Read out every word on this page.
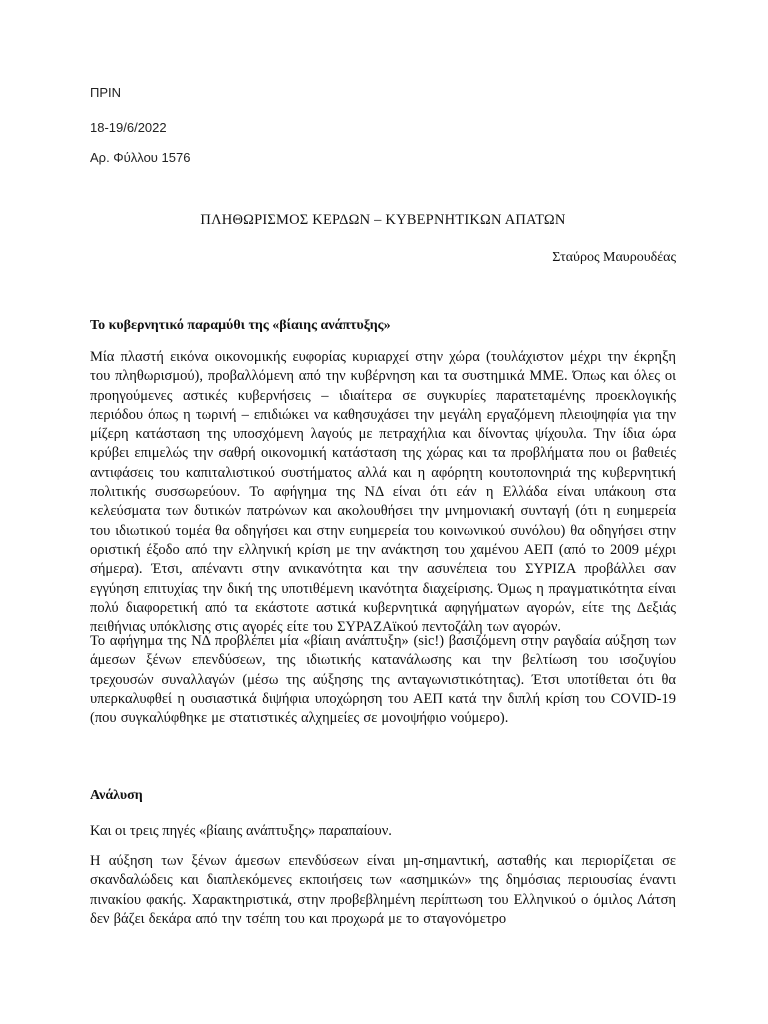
ΠΡΙΝ
18-19/6/2022
Αρ. Φύλλου 1576
ΠΛΗΘΩΡΙΣΜΟΣ ΚΕΡΔΩΝ – ΚΥΒΕΡΝΗΤΙΚΩΝ ΑΠΑΤΩΝ
Σταύρος Μαυρουδέας
Το κυβερνητικό παραμύθι της «βίαιης ανάπτυξης»

Μία πλαστή εικόνα οικονομικής ευφορίας κυριαρχεί στην χώρα (τουλάχιστον μέχρι την έκρηξη του πληθωρισμού), προβαλλόμενη από την κυβέρνηση και τα συστημικά ΜΜΕ. Όπως και όλες οι προηγούμενες αστικές κυβερνήσεις – ιδιαίτερα σε συγκυρίες παρατεταμένης προεκλογικής περιόδου όπως η τωρινή – επιδιώκει να καθησυχάσει την μεγάλη εργαζόμενη πλειοψηφία για την μίζερη κατάσταση της υποσχόμενη λαγούς με πετραχήλια και δίνοντας ψίχουλα. Την ίδια ώρα κρύβει επιμελώς την σαθρή οικονομική κατάσταση της χώρας και τα προβλήματα που οι βαθειές αντιφάσεις του καπιταλιστικού συστήματος αλλά και η αφόρητη κουτοπονηριά της κυβερνητική πολιτικής συσσωρεύουν. Το αφήγημα της ΝΔ είναι ότι εάν η Ελλάδα είναι υπάκουη στα κελεύσματα των δυτικών πατρώνων και ακολουθήσει την μνημονιακή συνταγή (ότι η ευημερεία του ιδιωτικού τομέα θα οδηγήσει και στην ευημερεία του κοινωνικού συνόλου) θα οδηγήσει στην οριστική έξοδο από την ελληνική κρίση με την ανάκτηση του χαμένου ΑΕΠ (από το 2009 μέχρι σήμερα). Έτσι, απέναντι στην ανικανότητα και την ασυνέπεια του ΣΥΡΙΖΑ προβάλλει σαν εγγύηση επιτυχίας την δική της υποτιθέμενη ικανότητα διαχείρισης. Όμως η πραγματικότητα είναι πολύ διαφορετική από τα εκάστοτε αστικά κυβερνητικά αφηγήματων αγορών, είτε της Δεξιάς πειθήνιας υπόκλισης στις αγορές είτε του ΣΥΡΑΖΑϊκού πεντοζάλη των αγορών.

Το αφήγημα της ΝΔ προβλέπει μία «βίαιη ανάπτυξη» (sic!) βασιζόμενη στην ραγδαία αύξηση των άμεσων ξένων επενδύσεων, της ιδιωτικής κατανάλωσης και την βελτίωση του ισοζυγίου τρεχουσών συναλλαγών (μέσω της αύξησης της ανταγωνιστικότητας). Έτσι υποτίθεται ότι θα υπερκαλυφθεί η ουσιαστικά διψήφια υποχώρηση του ΑΕΠ κατά την διπλή κρίση του COVID-19 (που συγκαλύφθηκε με στατιστικές αλχημείες σε μονοψήφιο νούμερο).

Ανάλυση

Και οι τρεις πηγές «βίαιης ανάπτυξης» παραπαίουν.

Η αύξηση των ξένων άμεσων επενδύσεων είναι μη-σημαντική, ασταθής και περιορίζεται σε σκανδαλώδεις και διαπλεκόμενες εκποιήσεις των «ασημικών» της δημόσιας περιουσίας έναντι πινακίου φακής. Χαρακτηριστικά, στην προβεβλημένη περίπτωση του Ελληνικού ο όμιλος Λάτση δεν βάζει δεκάρα από την τσέπη του και προχωρά με το σταγονόμετρο
